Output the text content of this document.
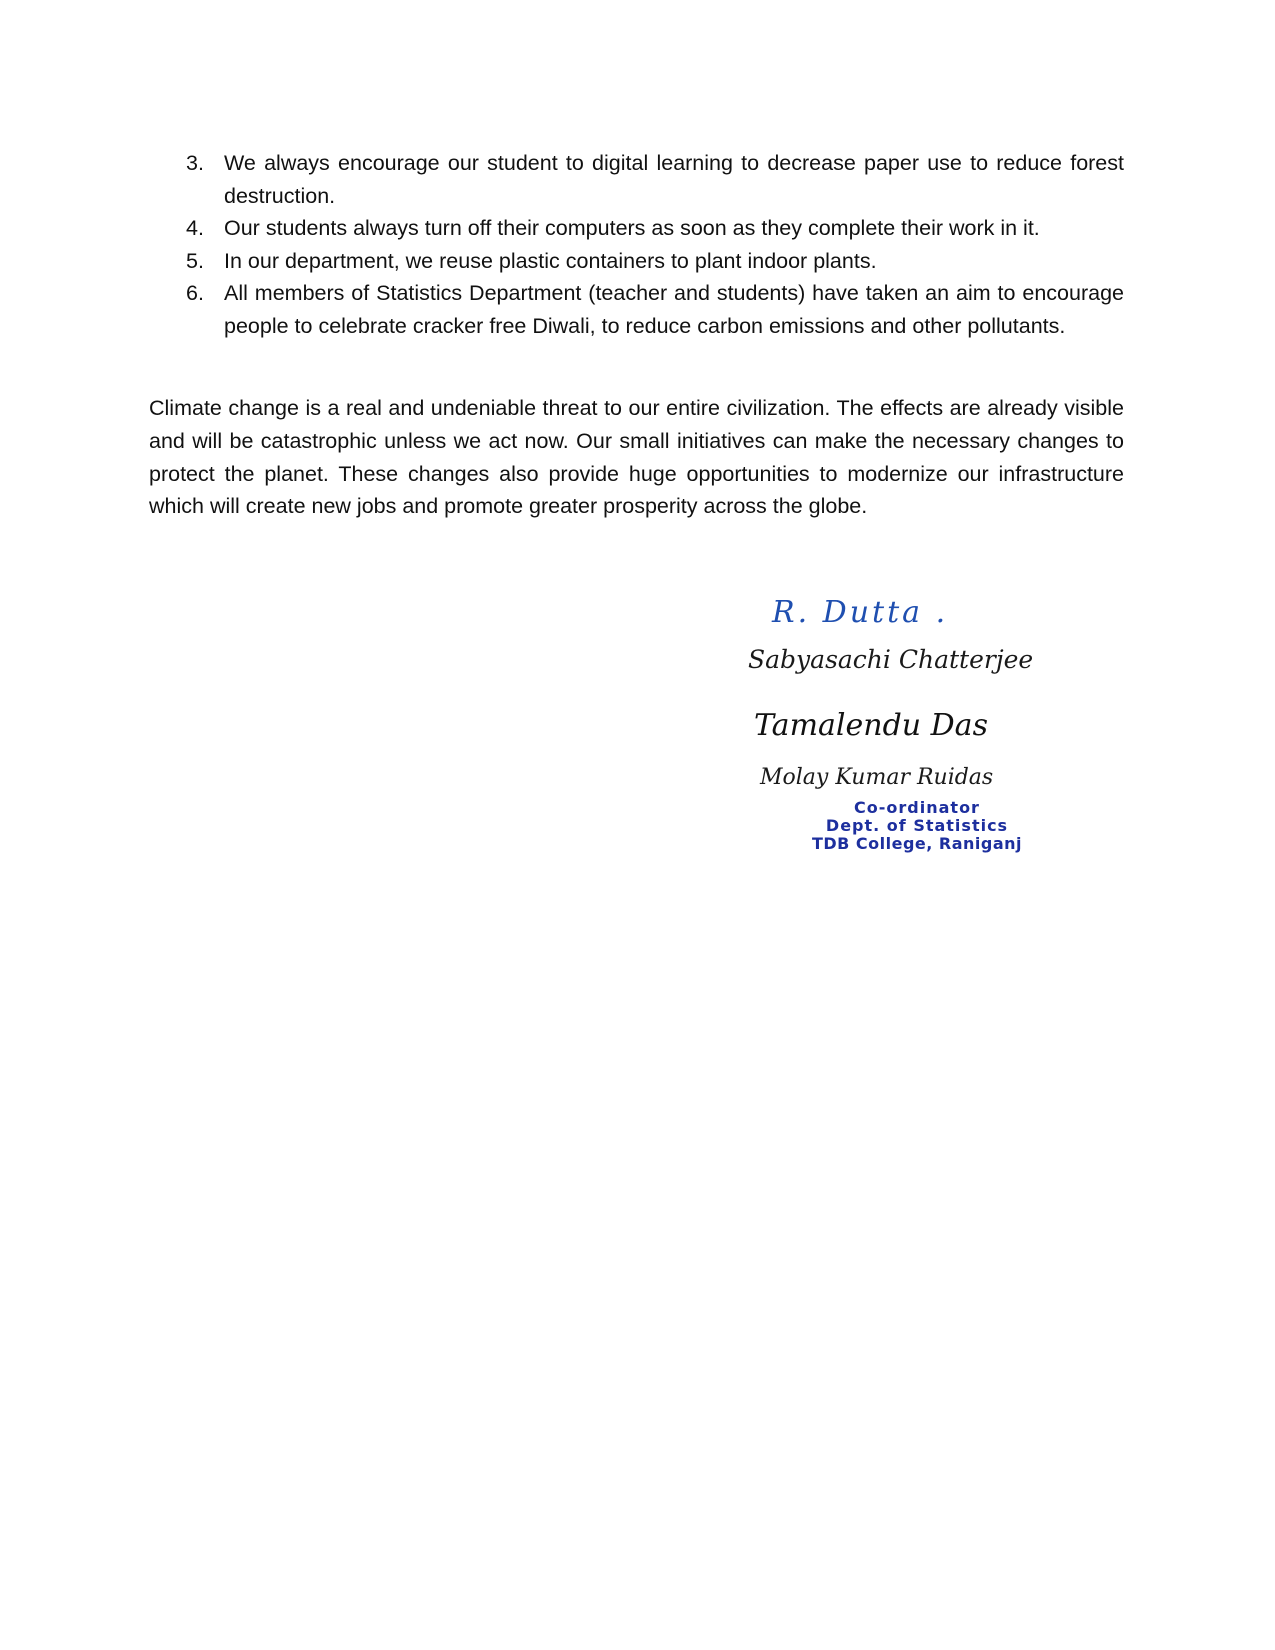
3. We always encourage our student to digital learning to decrease paper use to reduce forest destruction.
4. Our students always turn off their computers as soon as they complete their work in it.
5. In our department, we reuse plastic containers to plant indoor plants.
6. All members of Statistics Department (teacher and students) have taken an aim to encourage people to celebrate cracker free Diwali, to reduce carbon emissions and other pollutants.

Climate change is a real and undeniable threat to our entire civilization. The effects are already visible and will be catastrophic unless we act now. Our small initiatives can make the necessary changes to protect the planet. These changes also provide huge opportunities to modernize our infrastructure which will create new jobs and promote greater prosperity across the globe.

R. Dutta .
Sabyasachi Chatterjee
Tamalendu Das
Molay Kumar Ruidas
Co-ordinator
Dept. of Statistics
TDB College, Raniganj
